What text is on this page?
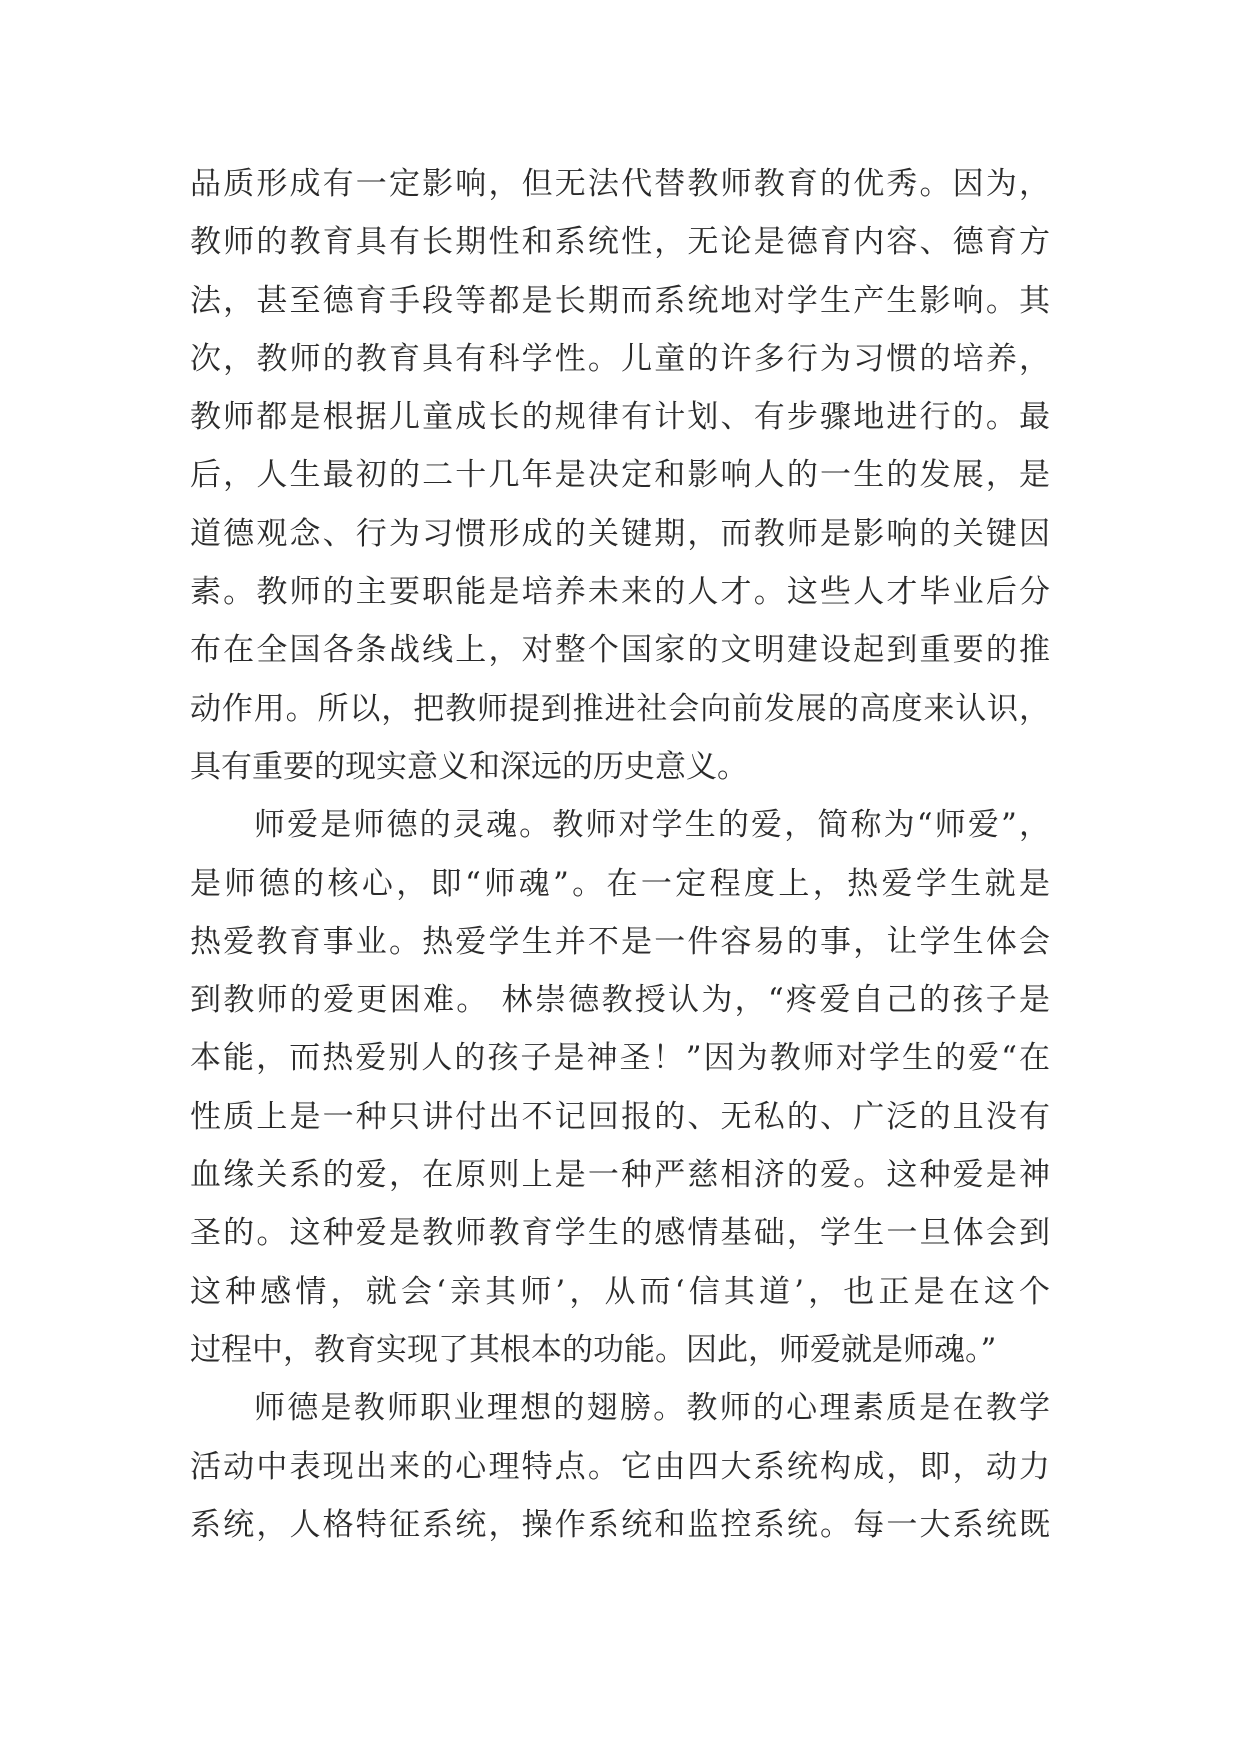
品质形成有一定影响，但无法代替教师教育的优秀。因为，
教师的教育具有长期性和系统性，无论是德育内容、德育方
法，甚至德育手段等都是长期而系统地对学生产生影响。其
次，教师的教育具有科学性。儿童的许多行为习惯的培养，
教师都是根据儿童成长的规律有计划、有步骤地进行的。最
后，人生最初的二十几年是决定和影响人的一生的发展，是
道德观念、行为习惯形成的关键期，而教师是影响的关键因
素。教师的主要职能是培养未来的人才。这些人才毕业后分
布在全国各条战线上，对整个国家的文明建设起到重要的推
动作用。所以，把教师提到推进社会向前发展的高度来认识，
具有重要的现实意义和深远的历史意义。
师爱是师德的灵魂。教师对学生的爱，简称为“师爱”，
是师德的核心，即“师魂”。在一定程度上，热爱学生就是
热爱教育事业。热爱学生并不是一件容易的事，让学生体会
到教师的爱更困难。 林崇德教授认为，“疼爱自己的孩子是
本能，而热爱别人的孩子是神圣！”因为教师对学生的爱“在
性质上是一种只讲付出不记回报的、无私的、广泛的且没有
血缘关系的爱，在原则上是一种严慈相济的爱。这种爱是神
圣的。这种爱是教师教育学生的感情基础，学生一旦体会到
这种感情，就会‘亲其师’，从而‘信其道’，也正是在这个
过程中，教育实现了其根本的功能。因此，师爱就是师魂。”
师德是教师职业理想的翅膀。教师的心理素质是在教学
活动中表现出来的心理特点。它由四大系统构成，即，动力
系统，人格特征系统，操作系统和监控系统。每一大系统既
